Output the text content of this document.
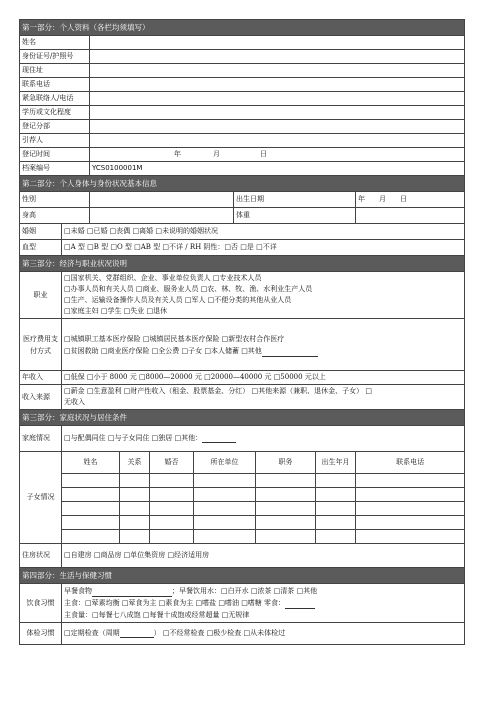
第一部分：个人资料（各栏均须填写）									
姓名									
身份证号/护照号									
现住址									
联系电话									
紧急联络人/电话									
学历或文化程度									
登记分部									
引荐人									
登记时间		年 月 日							
档案编号		YCS0100001M							
第二部分：个人身体与身份状况基本信息									
性别						出生日期			年 月 日
身高						体重			
婚姻	□未婚 □已婚 □丧偶 □离婚 □未说明的婚姻状况								
血型	□A 型 □B 型 □O 型 □AB 型 □不详 / RH 阴性：□否 □是 □不详								
第三部分：经济与职业状况说明									
职业	□国家机关、党群组织、企业、事业单位负责人 □专业技术人员
□办事人员和有关人员 □商业、服务业人员 □农、林、牧、渔、水利业生产人员
□生产、运输设备操作人员及有关人员 □军人 □不便分类的其他从业人员
□家庭主妇 □学生 □失业 □退休								

医疗费用支付方式	□城镇职工基本医疗保险 □城镇居民基本医疗保险 □新型农村合作医疗
□贫困救助 □商业医疗保险 □全公费 □子女 □本人储蓄 □其他								

年收入	□低保 □小于 8000 元 □8000—20000 元 □20000—40000 元 □50000 元以上								
收入来源	□薪金 □生意盈利 □财产性收入（租金、股票基金、分红） □其他来源（兼职、退休金、子女） □
无收入								

第三部分：家庭状况与居住条件									
家庭情况	□与配偶同住 □与子女同住 □独居 □其他：								
子女情况	姓名		关系	婚否	所在单位		职务	出生年月	联系电话

住房状况	□自建房 □商品房 □单位集资房 □经济适用房								
第四部分：生活与保健习惯									
饮食习惯	早餐食物 ；早餐饮用水：□白开水 □浓茶 □清茶 □其他
主食：□荤素均衡 □荤食为主 □素食为主 □嗜盐 □嗜油 □嗜糖 零食：
主食量：□每餐七八成饱 □每餐十成饱或经常超量 □无规律								

体检习惯	□定期检查（周期 ） □不经常检查 □极少检查 □从未体检过								
